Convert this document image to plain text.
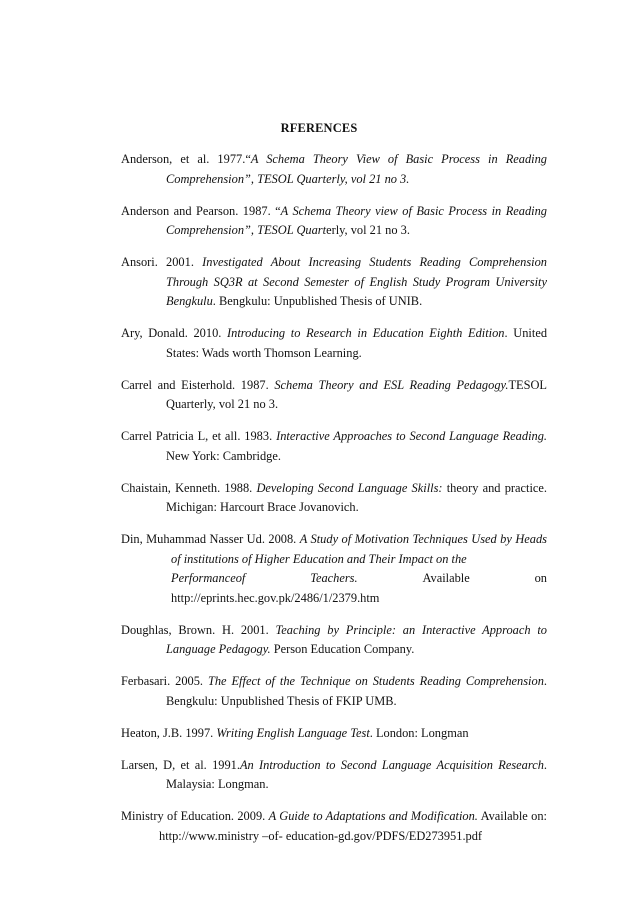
RFERENCES

Anderson, et al. 1977.“A Schema Theory View of Basic Process in Reading Comprehension”, TESOL Quarterly, vol 21 no 3.

Anderson and Pearson. 1987. “A Schema Theory view of Basic Process in Reading Comprehension”, TESOL Quarterly, vol 21 no 3.

Ansori. 2001. Investigated About Increasing Students Reading Comprehension Through SQ3R at Second Semester of English Study Program University Bengkulu. Bengkulu: Unpublished Thesis of UNIB.

Ary, Donald. 2010. Introducing to Research in Education Eighth Edition. United States: Wads worth Thomson Learning.

Carrel and Eisterhold. 1987. Schema Theory and ESL Reading Pedagogy.TESOL Quarterly, vol 21 no 3.

Carrel Patricia L, et all. 1983. Interactive Approaches to Second Language Reading. New York: Cambridge.

Chaistain, Kenneth. 1988. Developing Second Language Skills: theory and practice. Michigan: Harcourt Brace Jovanovich.

Din, Muhammad Nasser Ud. 2008. A Study of Motivation Techniques Used by Heads of institutions of Higher Education and Their Impact on the
Performanceof	Teachers.	Available	on
http://eprints.hec.gov.pk/2486/1/2379.htm

Doughlas, Brown. H. 2001. Teaching by Principle: an Interactive Approach to Language Pedagogy. Person Education Company.

Ferbasari. 2005. The Effect of the Technique on Students Reading Comprehension. Bengkulu: Unpublished Thesis of FKIP UMB.

Heaton, J.B. 1997. Writing English Language Test. London: Longman

Larsen, D, et al. 1991.An Introduction to Second Language Acquisition Research. Malaysia: Longman.

Ministry of Education. 2009. A Guide to Adaptations and Modification. Available on: http://www.ministry –of- education-gd.gov/PDFS/ED273951.pdf
